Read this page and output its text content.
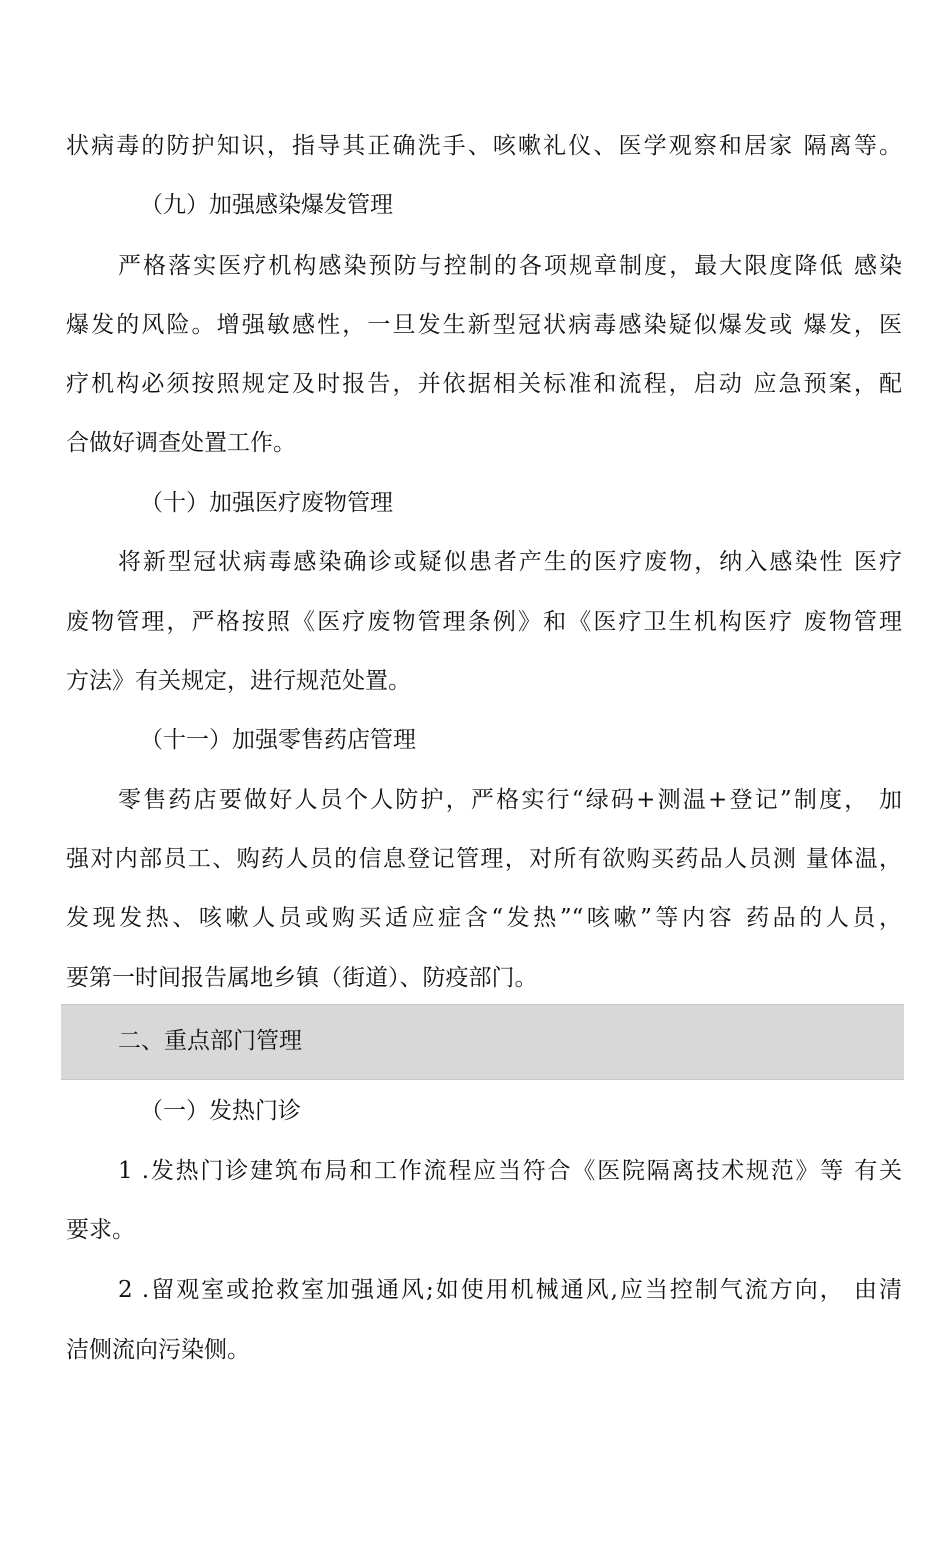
状病毒的防护知识，指导其正确洗手、咳嗽礼仪、医学观察和居家 隔离等。
（九）加强感染爆发管理
严格落实医疗机构感染预防与控制的各项规章制度，最大限度降低 感染
爆发的风险。增强敏感性，一旦发生新型冠状病毒感染疑似爆发或 爆发，医
疗机构必须按照规定及时报告，并依据相关标准和流程，启动 应急预案，配
合做好调查处置工作。
（十）加强医疗废物管理
将新型冠状病毒感染确诊或疑似患者产生的医疗废物，纳入感染性 医疗
废物管理，严格按照《医疗废物管理条例》和《医疗卫生机构医疗 废物管理
方法》有关规定，进行规范处置。
（十一）加强零售药店管理
零售药店要做好人员个人防护，严格实行“绿码+测温+登记”制度， 加
强对内部员工、购药人员的信息登记管理，对所有欲购买药品人员测 量体温，
发现发热、咳嗽人员或购买适应症含“发热”“咳嗽”等内容 药品的人员，
要第一时间报告属地乡镇（街道）、防疫部门。
二、重点部门管理
（一）发热门诊
1 .发热门诊建筑布局和工作流程应当符合《医院隔离技术规范》等 有关
要求。
2 .留观室或抢救室加强通风;如使用机械通风,应当控制气流方向， 由清
洁侧流向污染侧。
